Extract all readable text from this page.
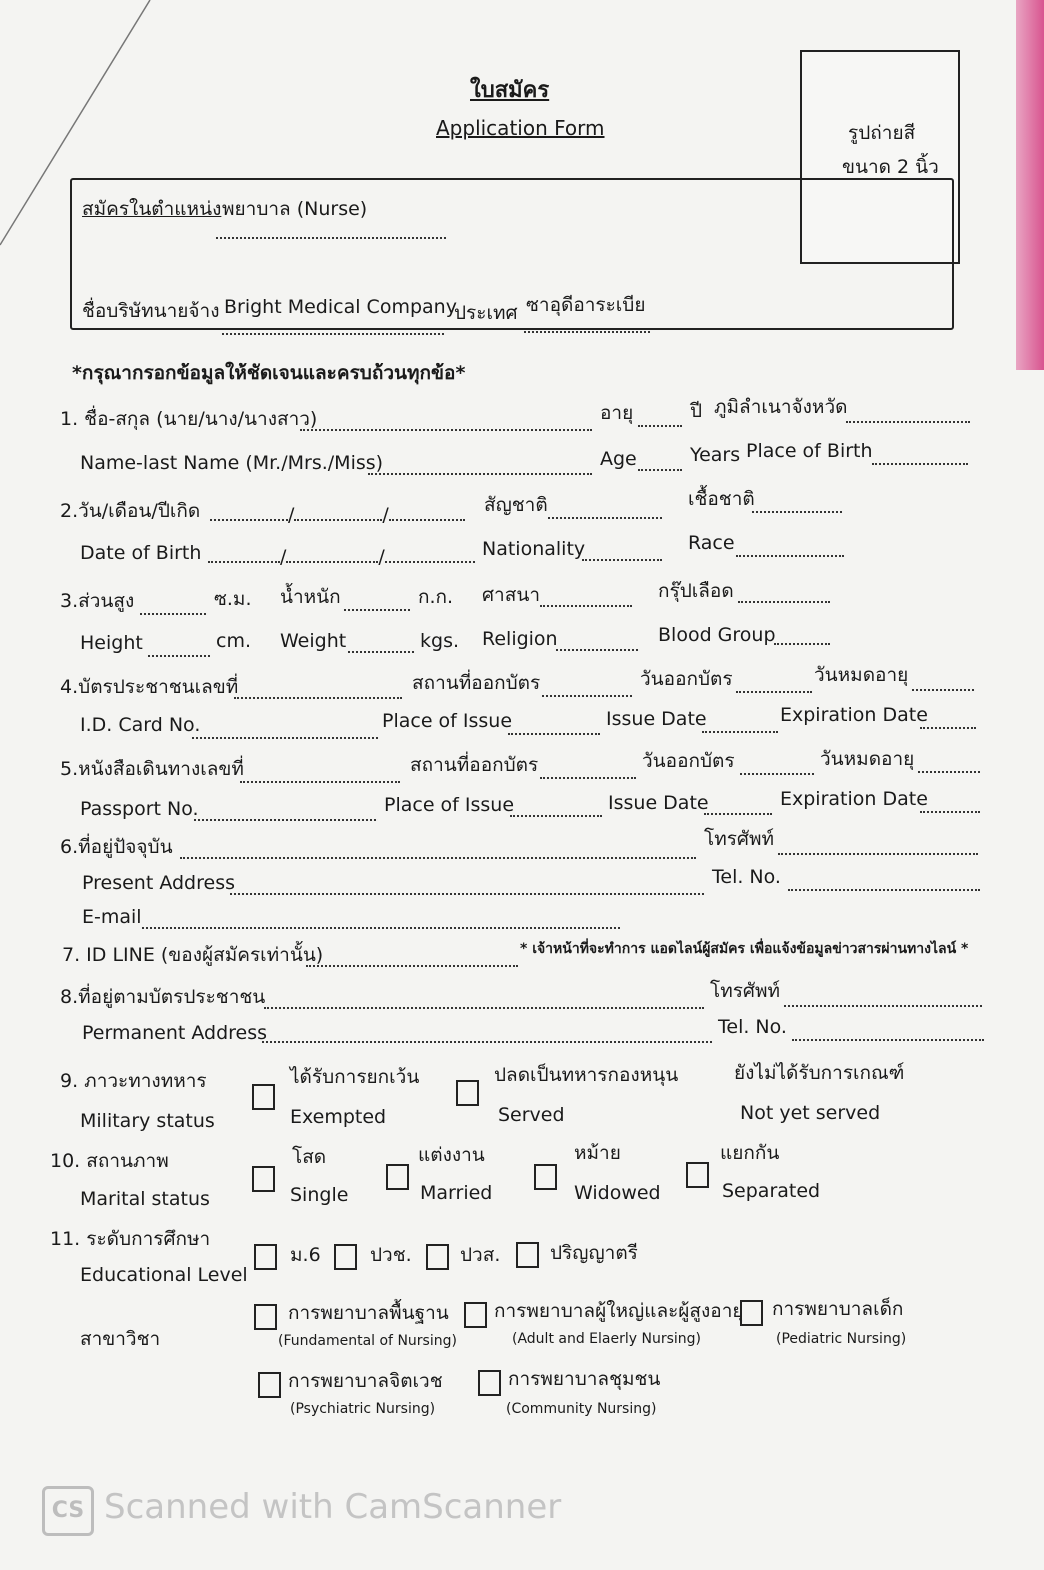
ใบสมัคร
Application Form	รูปถ่ายสี
ขนาด 2 นิ้ว
สมัครในตำแหน่ง พยาบาล (Nurse)
ชื่อบริษัทนายจ้าง Bright Medical Company
ประเทศ ซาอุดีอาระเบีย
*กรุณากรอกข้อมูลให้ชัดเจนและครบถ้วนทุกข้อ*
1. ชื่อ-สกุล (นาย/นาง/นางสาว)	อายุ	ปี ภูมิลำเนาจังหวัด
Name-last Name (Mr./Mrs./Miss)	Age	Years Place of Birth
2.วัน/เดือน/ปีเกิด	/	/	สัญชาติ	เชื้อชาติ
Date of Birth	/	/	Nationality	Race
3.ส่วนสูง	ซ.ม. น้ำหนัก	ก.ก. ศาสนา	กรุ๊ปเลือด
Height	cm. Weight	kgs. Religion	Blood Group
4.บัตรประชาชนเลขที่	สถานที่ออกบัตร	วันออกบัตร	วันหมดอายุ
I.D. Card No.	Place of Issue	Issue Date	Expiration Date
5.หนังสือเดินทางเลขที่	สถานที่ออกบัตร	วันออกบัตร	วันหมดอายุ
Passport No.	Place of Issue	Issue Date	Expiration Date
6.ที่อยู่ปัจจุบัน	โทรศัพท์
Present Address	Tel. No.
E-mail
7. ID LINE (ของผู้สมัครเท่านั้น)	* เจ้าหน้าที่จะทำการ แอดไลน์ผู้สมัคร เพื่อแจ้งข้อมูลข่าวสารผ่านทางไลน์ *
8.ที่อยู่ตามบัตรประชาชน	โทรศัพท์
Permanent Address	Tel. No.
9. ภาวะทางทหาร
Military status
ได้รับการยกเว้น
Exempted
ปลดเป็นทหารกองหนุน
Served
ยังไม่ได้รับการเกณฑ์
Not yet served
10. สถานภาพ
Marital status
โสด
Single
แต่งงาน
Married
หม้าย
Widowed
แยกกัน
Separated
11. ระดับการศึกษา
Educational Level
ม.6	ปวช.	ปวส.	ปริญญาตรี
สาขาวิชา
การพยาบาลพื้นฐาน
(Fundamental of Nursing)
การพยาบาลผู้ใหญ่และผู้สูงอายุ
(Adult and Elaerly Nursing)
การพยาบาลเด็ก
(Pediatric Nursing)
การพยาบาลจิตเวช
(Psychiatric Nursing)
การพยาบาลชุมชน
(Community Nursing)
CS Scanned with CamScanner
